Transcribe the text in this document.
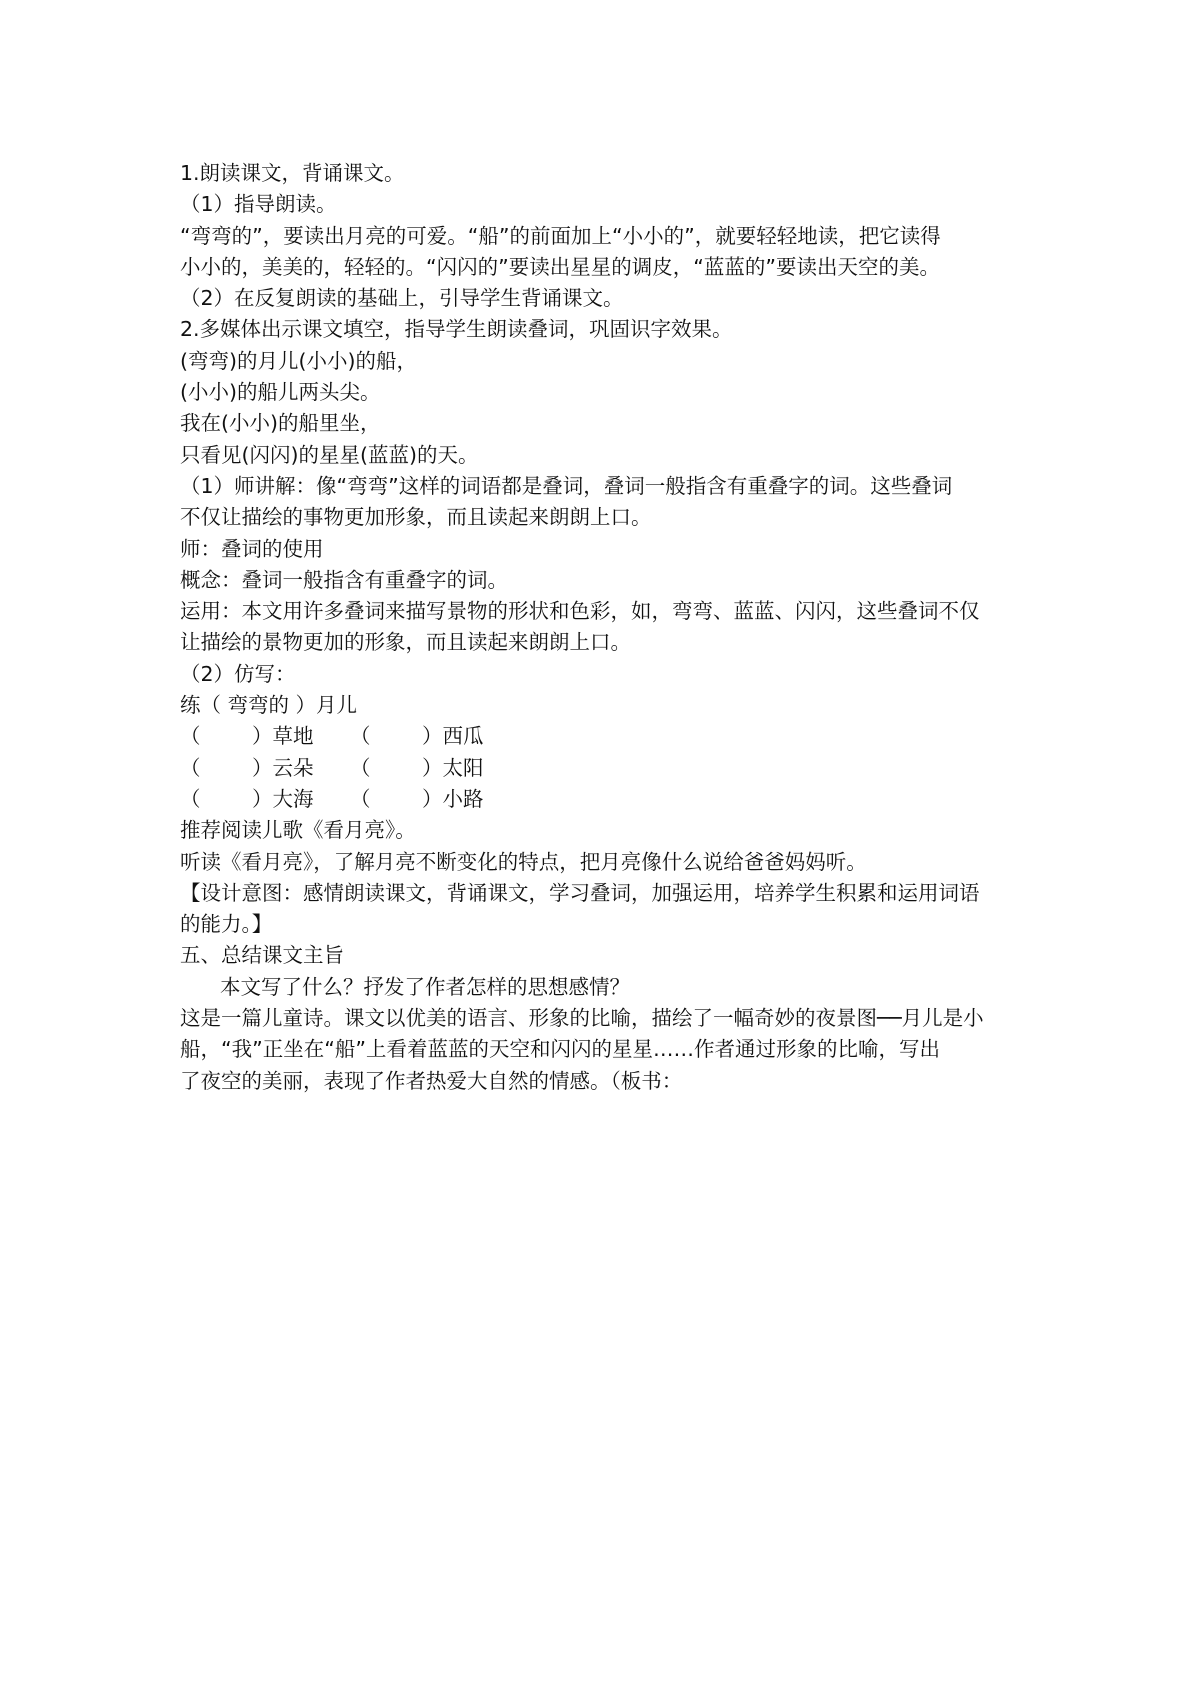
1.朗读课文，背诵课文。
（1）指导朗读。
“弯弯的”，要读出月亮的可爱。“船”的前面加上“小小的”，就要轻轻地读，把它读得
小小的，美美的，轻轻的。“闪闪的”要读出星星的调皮，“蓝蓝的”要读出天空的美。
（2）在反复朗读的基础上，引导学生背诵课文。
2.多媒体出示课文填空，指导学生朗读叠词，巩固识字效果。
(弯弯)的月儿(小小)的船，
(小小)的船儿两头尖。
我在(小小)的船里坐，
只看见(闪闪)的星星(蓝蓝)的天。
（1）师讲解：像“弯弯”这样的词语都是叠词，叠词一般指含有重叠字的词。这些叠词
不仅让描绘的事物更加形象，而且读起来朗朗上口。
师：叠词的使用
概念：叠词一般指含有重叠字的词。
运用：本文用许多叠词来描写景物的形状和色彩，如，弯弯、蓝蓝、闪闪，这些叠词不仅
让描绘的景物更加的形象，而且读起来朗朗上口。
（2）仿写：
练（ 弯弯的 ）月儿
（	）草地 （	）西瓜
（	）云朵 （	）太阳
（	）大海 （	）小路
推荐阅读儿歌《看月亮》。
听读《看月亮》，了解月亮不断变化的特点，把月亮像什么说给爸爸妈妈听。
【设计意图：感情朗读课文，背诵课文，学习叠词，加强运用，培养学生积累和运用词语
的能力。】
五、总结课文主旨
本文写了什么？抒发了作者怎样的思想感情？
这是一篇儿童诗。课文以优美的语言、形象的比喻，描绘了一幅奇妙的夜景图──月儿是小
船，“我”正坐在“船”上看着蓝蓝的天空和闪闪的星星……作者通过形象的比喻，写出
了夜空的美丽，表现了作者热爱大自然的情感。（板书：
